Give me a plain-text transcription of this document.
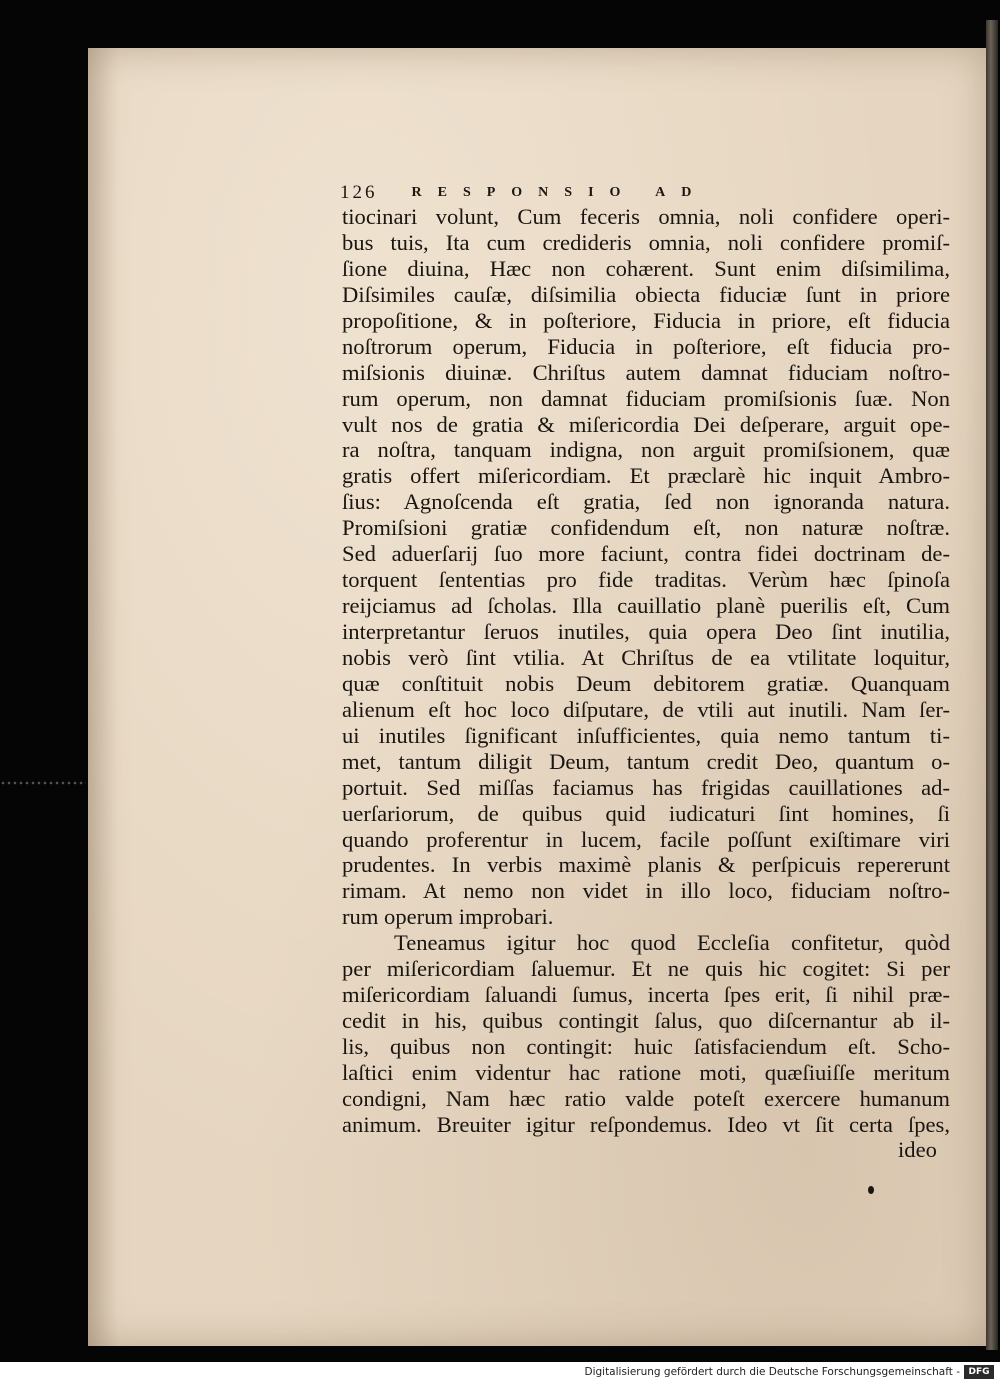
126 RESPONSIO AD
tiocinari volunt, Cum feceris omnia, noli confidere operi-
bus tuis, Ita cum credideris omnia, noli confidere promiſ-
ſione diuina, Hæc non cohærent. Sunt enim diſsimilima,
Diſsimiles cauſæ, diſsimilia obiecta fiduciæ ſunt in priore
propoſitione, & in poſteriore, Fiducia in priore, eſt fiducia
noſtrorum operum, Fiducia in poſteriore, eſt fiducia pro-
miſsionis diuinæ. Chriſtus autem damnat fiduciam noſtro-
rum operum, non damnat fiduciam promiſsionis ſuæ. Non
vult nos de gratia & miſericordia Dei deſperare, arguit ope-
ra noſtra, tanquam indigna, non arguit promiſsionem, quæ
gratis offert miſericordiam. Et præclarè hic inquit Ambro-
ſius: Agnoſcenda eſt gratia, ſed non ignoranda natura.
Promiſsioni gratiæ confidendum eſt, non naturæ noſtræ.
Sed aduerſarij ſuo more faciunt, contra fidei doctrinam de-
torquent ſententias pro fide traditas. Verùm hæc ſpinoſa
reijciamus ad ſcholas. Illa cauillatio planè puerilis eſt, Cum
interpretantur ſeruos inutiles, quia opera Deo ſint inutilia,
nobis verò ſint vtilia. At Chriſtus de ea vtilitate loquitur,
quæ conſtituit nobis Deum debitorem gratiæ. Quanquam
alienum eſt hoc loco diſputare, de vtili aut inutili. Nam ſer-
ui inutiles ſignificant inſufficientes, quia nemo tantum ti-
met, tantum diligit Deum, tantum credit Deo, quantum o-
portuit. Sed miſſas faciamus has frigidas cauillationes ad-
uerſariorum, de quibus quid iudicaturi ſint homines, ſi
quando proferentur in lucem, facile poſſunt exiſtimare viri
prudentes. In verbis maximè planis & perſpicuis repererunt
rimam. At nemo non videt in illo loco, fiduciam noſtro-
rum operum improbari.
Teneamus igitur hoc quod Eccleſia confitetur, quòd
per miſericordiam ſaluemur. Et ne quis hic cogitet: Si per
miſericordiam ſaluandi ſumus, incerta ſpes erit, ſi nihil præ-
cedit in his, quibus contingit ſalus, quo diſcernantur ab il-
lis, quibus non contingit: huic ſatisfaciendum eſt. Scho-
laſtici enim videntur hac ratione moti, quæſiuiſſe meritum
condigni, Nam hæc ratio valde poteſt exercere humanum
animum. Breuiter igitur reſpondemus. Ideo vt ſit certa ſpes,
ideo
Digitalisierung gefördert durch die Deutsche Forschungsgemeinschaft - DFG
